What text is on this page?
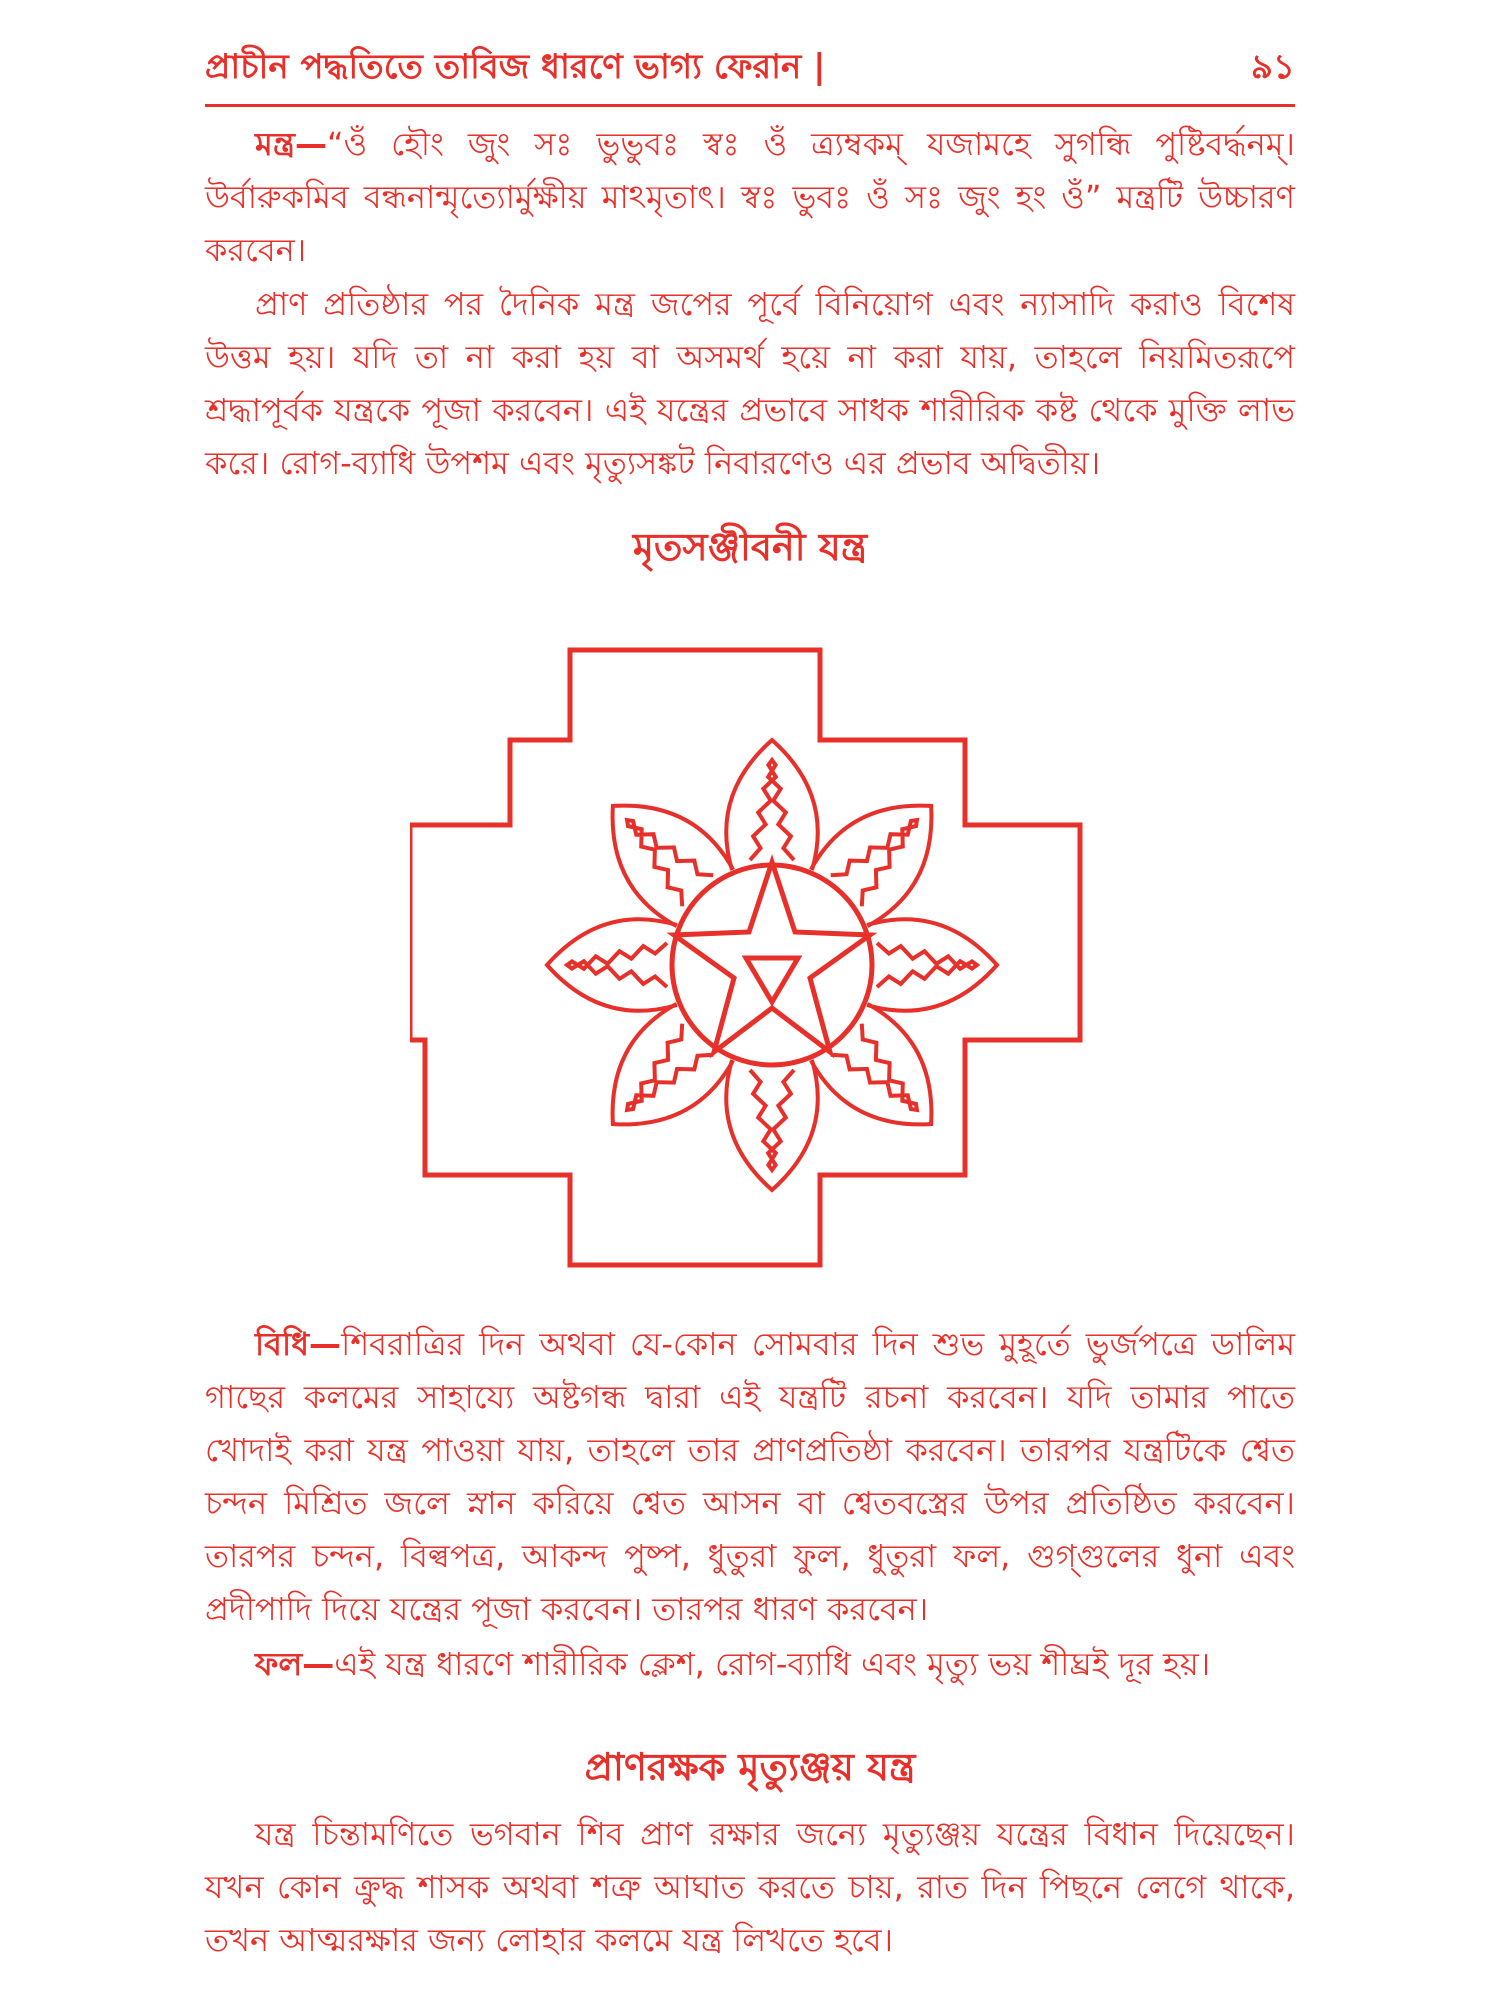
প্রাচীন পদ্ধতিতে তাবিজ ধারণে ভাগ্য ফেরান |	৯১
মন্ত্র—“ওঁ হৌং জুং সঃ ভুভুবঃ স্বঃ ওঁ ত্র্যম্বকম্ যজামহে সুগন্ধি পুষ্টিবর্দ্ধনম্। উর্বারুকমিব বন্ধনান্মৃত্যোর্মুক্ষীয় মাঽমৃতাৎ। স্বঃ ভুবঃ ওঁ সঃ জুং হং ওঁ” মন্ত্রটি উচ্চারণ করবেন।
প্রাণ প্রতিষ্ঠার পর দৈনিক মন্ত্র জপের পূর্বে বিনিয়োগ এবং ন্যাসাদি করাও বিশেষ উত্তম হয়। যদি তা না করা হয় বা অসমর্থ হয়ে না করা যায়, তাহলে নিয়মিতরূপে শ্রদ্ধাপূর্বক যন্ত্রকে পূজা করবেন। এই যন্ত্রের প্রভাবে সাধক শারীরিক কষ্ট থেকে মুক্তি লাভ করে। রোগ-ব্যাধি উপশম এবং মৃত্যুসঙ্কট নিবারণেও এর প্রভাব অদ্বিতীয়।
মৃতসঞ্জীবনী যন্ত্র
বিধি—শিবরাত্রির দিন অথবা যে-কোন সোমবার দিন শুভ মুহূর্তে ভুর্জপত্রে ডালিম গাছের কলমের সাহায্যে অষ্টগন্ধ দ্বারা এই যন্ত্রটি রচনা করবেন। যদি তামার পাতে খোদাই করা যন্ত্র পাওয়া যায়, তাহলে তার প্রাণপ্রতিষ্ঠা করবেন। তারপর যন্ত্রটিকে শ্বেত চন্দন মিশ্রিত জলে স্নান করিয়ে শ্বেত আসন বা শ্বেতবস্ত্রের উপর প্রতিষ্ঠিত করবেন। তারপর চন্দন, বিল্বপত্র, আকন্দ পুষ্প, ধুতুরা ফুল, ধুতুরা ফল, গুগ্‌গুলের ধুনা এবং প্রদীপাদি দিয়ে যন্ত্রের পূজা করবেন। তারপর ধারণ করবেন।
ফল—এই যন্ত্র ধারণে শারীরিক ক্লেশ, রোগ-ব্যাধি এবং মৃত্যু ভয় শীঘ্রই দূর হয়।
প্রাণরক্ষক মৃত্যুঞ্জয় যন্ত্র
যন্ত্র চিন্তামণিতে ভগবান শিব প্রাণ রক্ষার জন্যে মৃত্যুঞ্জয় যন্ত্রের বিধান দিয়েছেন। যখন কোন ক্রুদ্ধ শাসক অথবা শত্রু আঘাত করতে চায়, রাত দিন পিছনে লেগে থাকে, তখন আত্মরক্ষার জন্য লোহার কলমে যন্ত্র লিখতে হবে।
